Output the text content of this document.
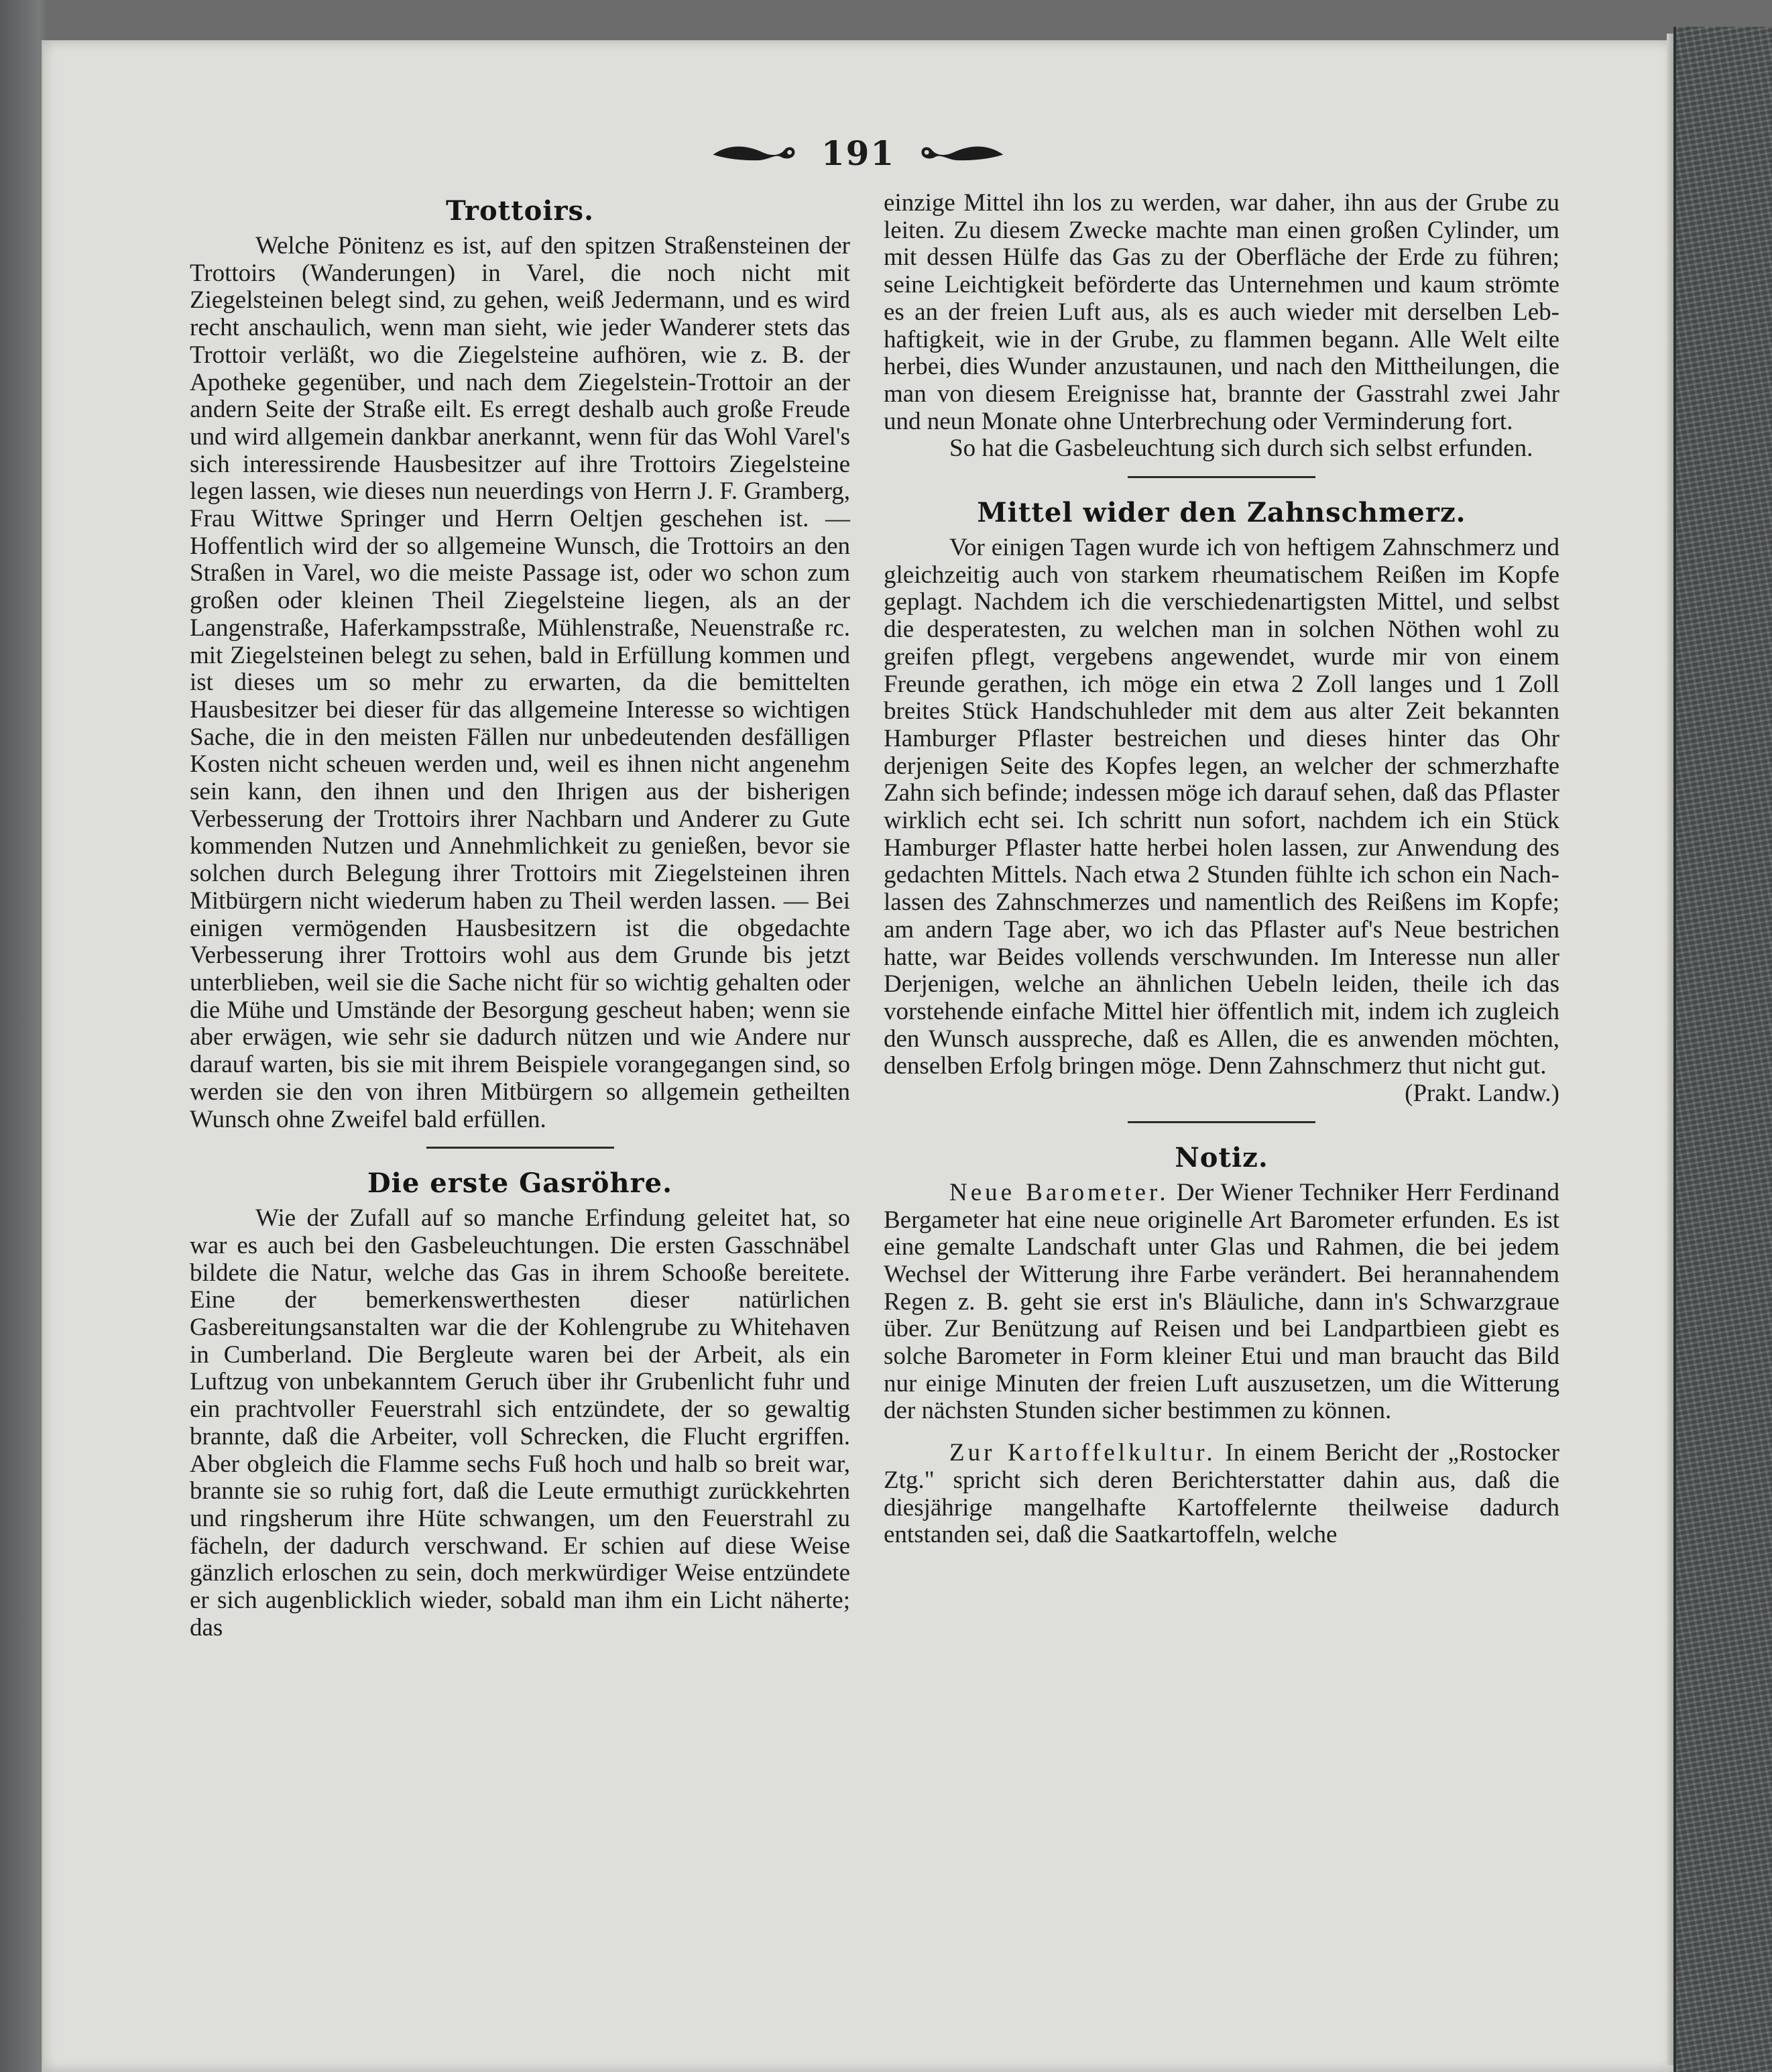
191
Trottoirs.

Welche Pönitenz es ist, auf den spitzen Straßensteinen der Trottoirs (Wanderungen) in Varel, die noch nicht mit Ziegelsteinen belegt sind, zu gehen, weiß Jedermann, und es wird recht anschaulich, wenn man sieht, wie jeder Wanderer stets das Trottoir verläßt, wo die Ziegelsteine aufhören, wie z. B. der Apotheke gegenüber, und nach dem Ziegelstein-Trottoir an der andern Seite der Straße eilt. Es erregt deshalb auch große Freude und wird allgemein dankbar anerkannt, wenn für das Wohl Varel's sich interessirende Hausbesitzer auf ihre Trottoirs Ziegelsteine legen lassen, wie dieses nun neuerdings von Herrn J. F. Gramberg, Frau Wittwe Springer und Herrn Oeltjen geschehen ist. — Hoffentlich wird der so allgemeine Wunsch, die Trottoirs an den Straßen in Varel, wo die meiste Passage ist, oder wo schon zum großen oder kleinen Theil Ziegelsteine liegen, als an der Langenstraße, Haferkampsstraße, Mühlenstraße, Neuenstraße rc. mit Ziegelsteinen belegt zu sehen, bald in Erfüllung kommen und ist dieses um so mehr zu erwarten, da die bemittelten Hausbesitzer bei dieser für das allgemeine Interesse so wichtigen Sache, die in den meisten Fällen nur unbedeutenden desfälligen Kosten nicht scheuen werden und, weil es ihnen nicht angenehm sein kann, den ihnen und den Ihrigen aus der bisherigen Verbesserung der Trottoirs ihrer Nachbarn und Anderer zu Gute kommenden Nutzen und Annehmlichkeit zu genießen, bevor sie solchen durch Belegung ihrer Trottoirs mit Ziegelsteinen ihren Mitbürgern nicht wiederum haben zu Theil werden lassen. — Bei einigen vermögenden Hausbesitzern ist die obgedachte Verbesserung ihrer Trottoirs wohl aus dem Grunde bis jetzt unterblieben, weil sie die Sache nicht für so wichtig gehalten oder die Mühe und Umstände der Besorgung gescheut haben; wenn sie aber erwägen, wie sehr sie dadurch nützen und wie Andere nur darauf warten, bis sie mit ihrem Beispiele vorangegangen sind, so werden sie den von ihren Mitbürgern so allgemein getheilten Wunsch ohne Zweifel bald erfüllen.

Die erste Gasröhre.

Wie der Zufall auf so manche Erfindung geleitet hat, so war es auch bei den Gasbeleuchtungen. Die ersten Gasschnäbel bildete die Natur, welche das Gas in ihrem Schooße bereitete. Eine der bemerkenswerthesten dieser natürlichen Gasbereitungsanstalten war die der Kohlengrube zu Whitehaven in Cumberland. Die Bergleute waren bei der Arbeit, als ein Luftzug von unbekanntem Geruch über ihr Grubenlicht fuhr und ein prachtvoller Feuerstrahl sich entzündete, der so gewaltig brannte, daß die Arbeiter, voll Schrecken, die Flucht ergriffen. Aber obgleich die Flamme sechs Fuß hoch und halb so breit war, brannte sie so ruhig fort, daß die Leute ermuthigt zurückkehrten und ringsherum ihre Hüte schwangen, um den Feuerstrahl zu fächeln, der dadurch verschwand. Er schien auf diese Weise gänzlich erloschen zu sein, doch merkwürdiger Weise entzündete er sich augenblicklich wieder, sobald man ihm ein Licht näherte; das

einzige Mittel ihn los zu werden, war daher, ihn aus der Grube zu leiten. Zu diesem Zwecke machte man einen großen Cylinder, um mit dessen Hülfe das Gas zu der Oberfläche der Erde zu führen; seine Leichtigkeit beförderte das Unternehmen und kaum strömte es an der freien Luft aus, als es auch wieder mit derselben Lebhaftigkeit, wie in der Grube, zu flammen begann. Alle Welt eilte herbei, dies Wunder anzustaunen, und nach den Mittheilungen, die man von diesem Ereignisse hat, brannte der Gasstrahl zwei Jahr und neun Monate ohne Unterbrechung oder Verminderung fort.

So hat die Gasbeleuchtung sich durch sich selbst erfunden.

Mittel wider den Zahnschmerz.

Vor einigen Tagen wurde ich von heftigem Zahnschmerz und gleichzeitig auch von starkem rheumatischem Reißen im Kopfe geplagt. Nachdem ich die verschiedenartigsten Mittel, und selbst die desperatesten, zu welchen man in solchen Nöthen wohl zu greifen pflegt, vergebens angewendet, wurde mir von einem Freunde gerathen, ich möge ein etwa 2 Zoll langes und 1 Zoll breites Stück Handschuhleder mit dem aus alter Zeit bekannten Hamburger Pflaster bestreichen und dieses hinter das Ohr derjenigen Seite des Kopfes legen, an welcher der schmerzhafte Zahn sich befinde; indessen möge ich darauf sehen, daß das Pflaster wirklich echt sei. Ich schritt nun sofort, nachdem ich ein Stück Hamburger Pflaster hatte herbei holen lassen, zur Anwendung des gedachten Mittels. Nach etwa 2 Stunden fühlte ich schon ein Nachlassen des Zahnschmerzes und namentlich des Reißens im Kopfe; am andern Tage aber, wo ich das Pflaster auf's Neue bestrichen hatte, war Beides vollends verschwunden. Im Interesse nun aller Derjenigen, welche an ähnlichen Uebeln leiden, theile ich das vorstehende einfache Mittel hier öffentlich mit, indem ich zugleich den Wunsch ausspreche, daß es Allen, die es anwenden möchten, denselben Erfolg bringen möge. Denn Zahnschmerz thut nicht gut.

(Prakt. Landw.)

Notiz.

Neue Barometer. Der Wiener Techniker Herr Ferdinand Bergameter hat eine neue originelle Art Barometer erfunden. Es ist eine gemalte Landschaft unter Glas und Rahmen, die bei jedem Wechsel der Witterung ihre Farbe verändert. Bei herannahendem Regen z. B. geht sie erst in's Bläuliche, dann in's Schwarzgraue über. Zur Benützung auf Reisen und bei Landpartbieen giebt es solche Barometer in Form kleiner Etui und man braucht das Bild nur einige Minuten der freien Luft auszusetzen, um die Witterung der nächsten Stunden sicher bestimmen zu können.

Zur Kartoffelkultur. In einem Bericht der „Rostocker Ztg." spricht sich deren Berichterstatter dahin aus, daß die diesjährige mangelhafte Kartoffelernte theilweise dadurch entstanden sei, daß die Saatkartoffeln, welche
